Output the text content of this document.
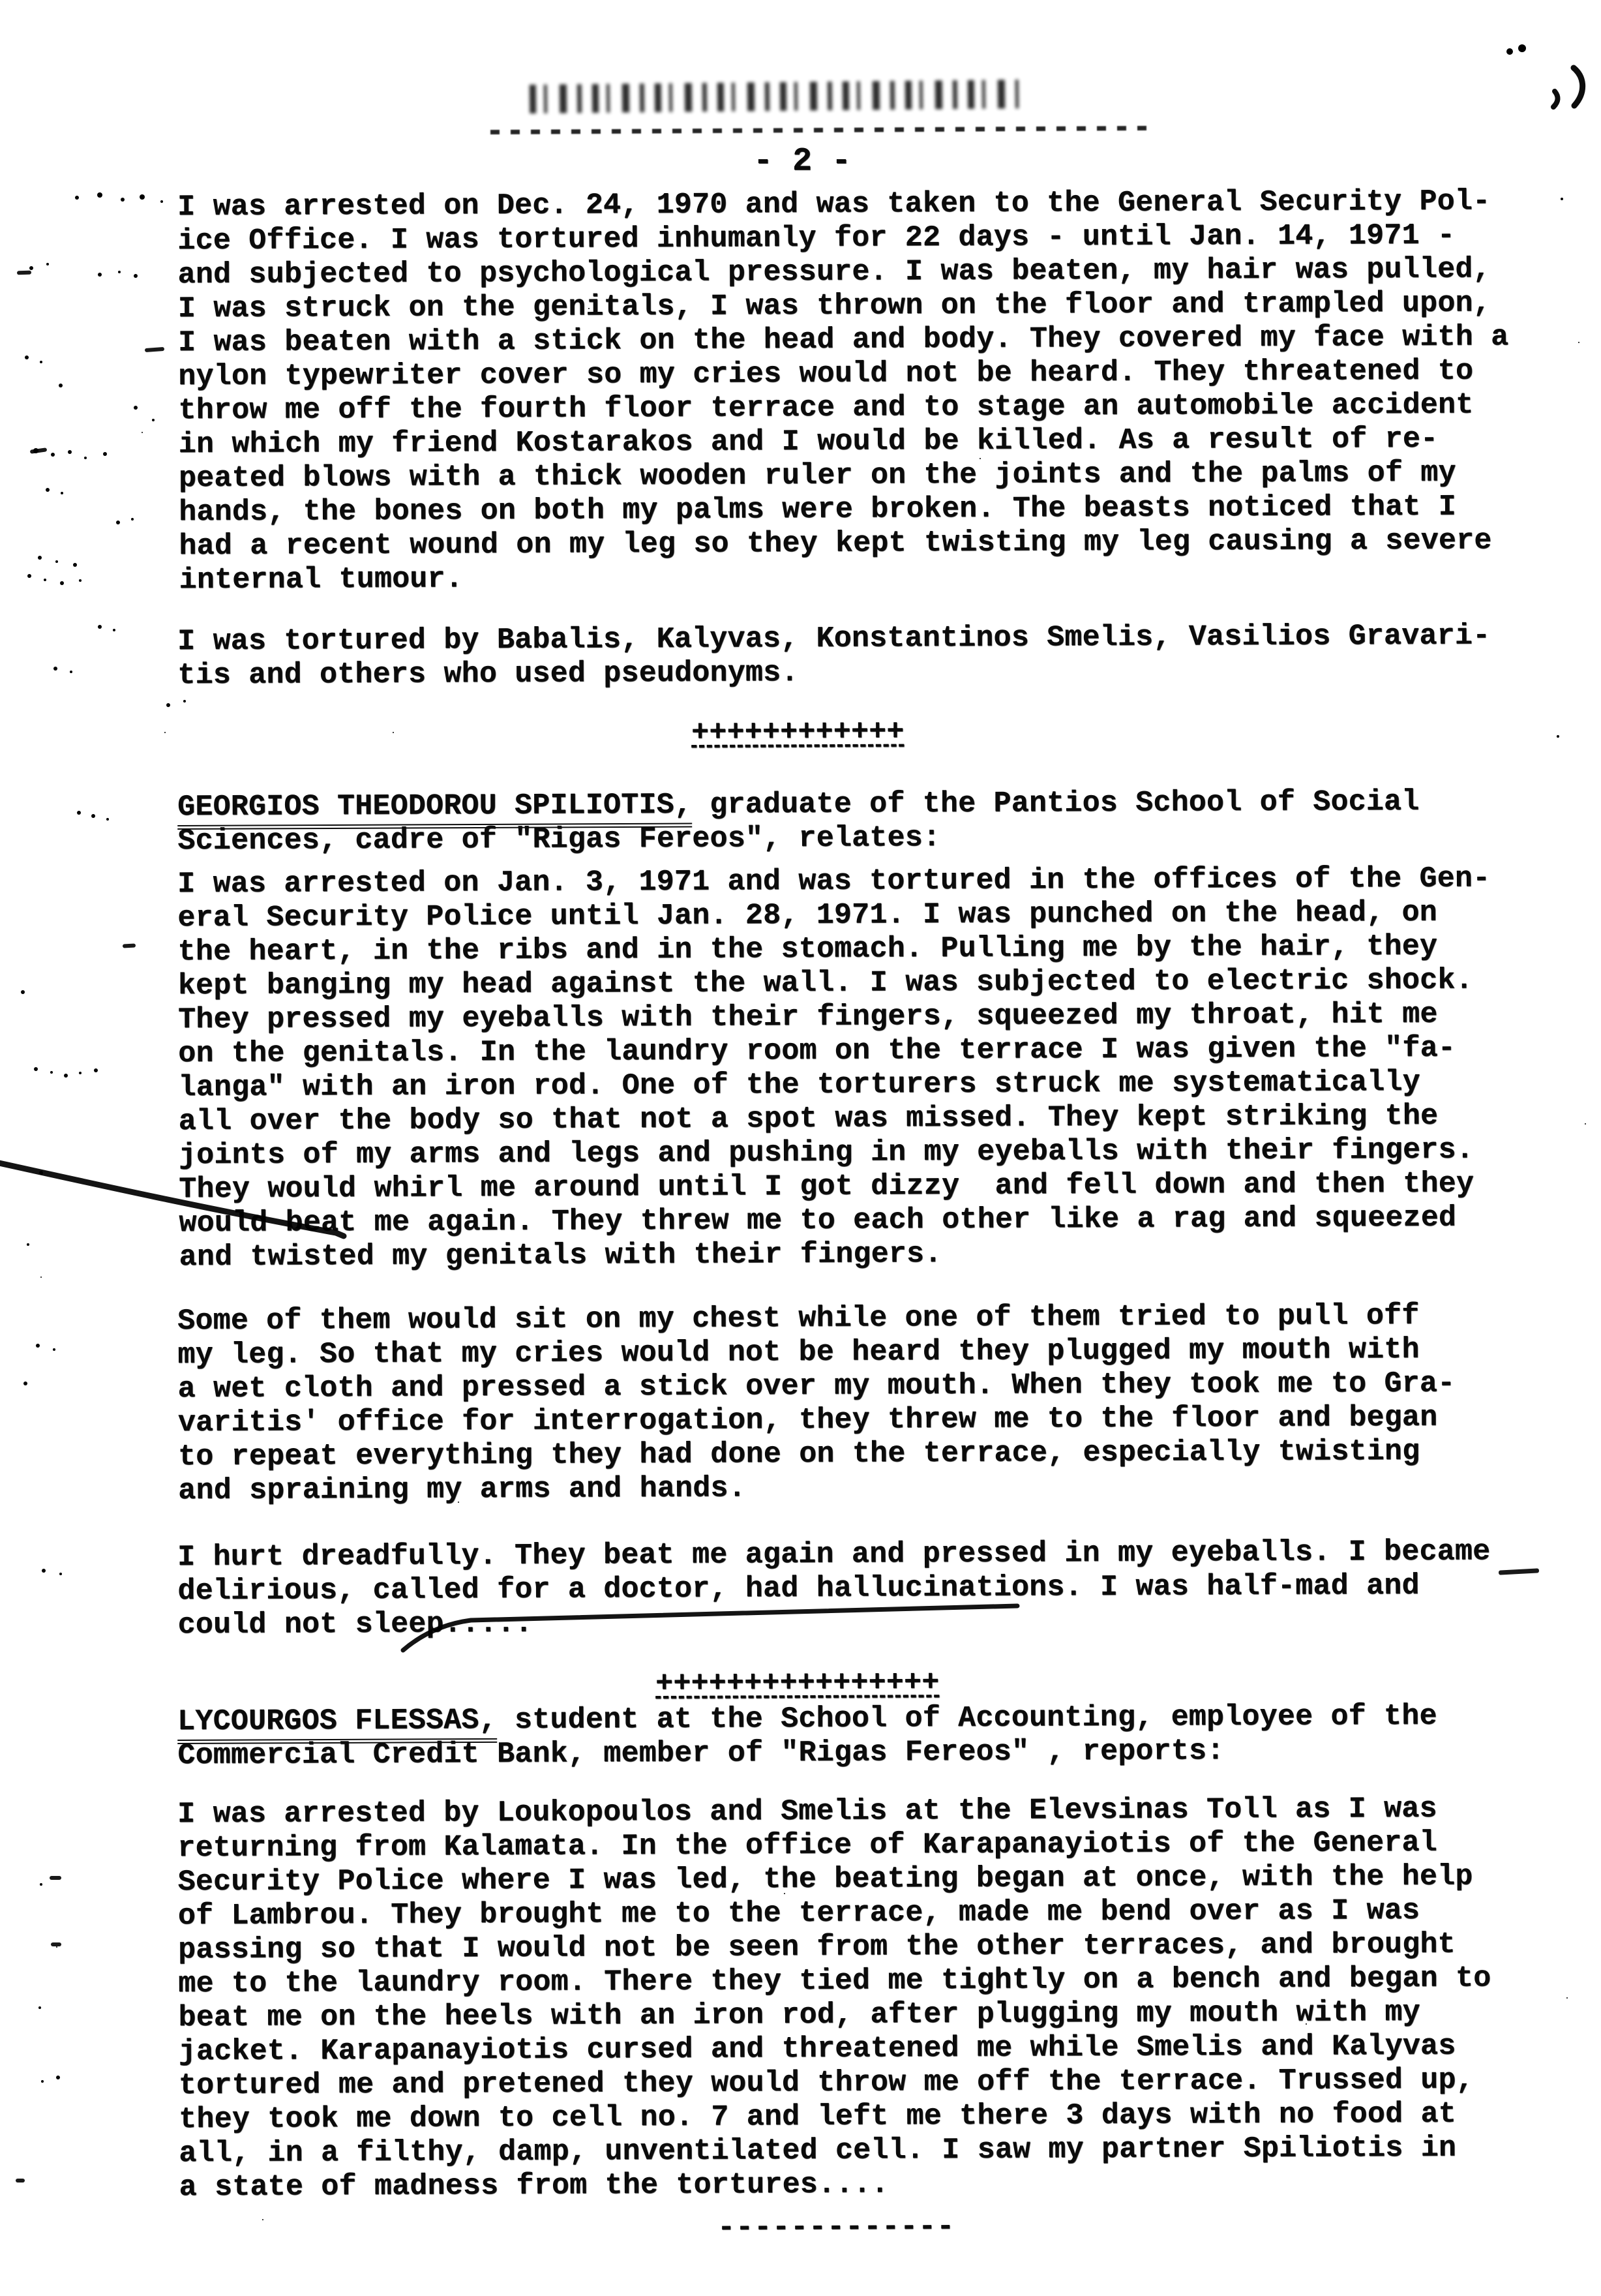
- 2 -
I was arrested on Dec. 24, 1970 and was taken to the General Security Pol-
ice Office. I was tortured inhumanly for 22 days - until Jan. 14, 1971 -
and subjected to psychological pressure. I was beaten, my hair was pulled,
I was struck on the genitals, I was thrown on the floor and trampled upon,
I was beaten with a stick on the head and body. They covered my face with a
nylon typewriter cover so my cries would not be heard. They threatened to
throw me off the fourth floor terrace and to stage an automobile accident
in which my friend Kostarakos and I would be killed. As a result of re-
peated blows with a thick wooden ruler on the joints and the palms of my
hands, the bones on both my palms were broken. The beasts noticed that I
had a recent wound on my leg so they kept twisting my leg causing a severe
internal tumour.
I was tortured by Babalis, Kalyvas, Konstantinos Smelis, Vasilios Gravari-
tis and others who used pseudonyms.
++++++++++++
GEORGIOS THEODOROU SPILIOTIS, graduate of the Pantios School of Social
Sciences, cadre of "Rigas Fereos", relates:
I was arrested on Jan. 3, 1971 and was tortured in the offices of the Gen-
eral Security Police until Jan. 28, 1971. I was punched on the head, on
the heart, in the ribs and in the stomach. Pulling me by the hair, they
kept banging my head against the wall. I was subjected to electric shock.
They pressed my eyeballs with their fingers, squeezed my throat, hit me
on the genitals. In the laundry room on the terrace I was given the "fa-
langa" with an iron rod. One of the torturers struck me systematically
all over the body so that not a spot was missed. They kept striking the
joints of my arms and legs and pushing in my eyeballs with their fingers.
They would whirl me around until I got dizzy  and fell down and then they
would beat me again. They threw me to each other like a rag and squeezed
and twisted my genitals with their fingers.
Some of them would sit on my chest while one of them tried to pull off
my leg. So that my cries would not be heard they plugged my mouth with
a wet cloth and pressed a stick over my mouth. When they took me to Gra-
varitis' office for interrogation, they threw me to the floor and began
to repeat everything they had done on the terrace, especially twisting
and spraining my arms and hands.
I hurt dreadfully. They beat me again and pressed in my eyeballs. I became
delirious, called for a doctor, had hallucinations. I was half-mad and
could not sleep.....
++++++++++++++++
LYCOURGOS FLESSAS, student at the School of Accounting, employee of the
Commercial Credit Bank, member of "Rigas Fereos" , reports:
I was arrested by Loukopoulos and Smelis at the Elevsinas Toll as I was
returning from Kalamata. In the office of Karapanayiotis of the General
Security Police where I was led, the beating began at once, with the help
of Lambrou. They brought me to the terrace, made me bend over as I was
passing so that I would not be seen from the other terraces, and brought
me to the laundry room. There they tied me tightly on a bench and began to
beat me on the heels with an iron rod, after plugging my mouth with my
jacket. Karapanayiotis cursed and threatened me while Smelis and Kalyvas
tortured me and pretened they would throw me off the terrace. Trussed up,
they took me down to cell no. 7 and left me there 3 days with no food at
all, in a filthy, damp, unventilated cell. I saw my partner Spiliotis in
a state of madness from the tortures....
-------------
